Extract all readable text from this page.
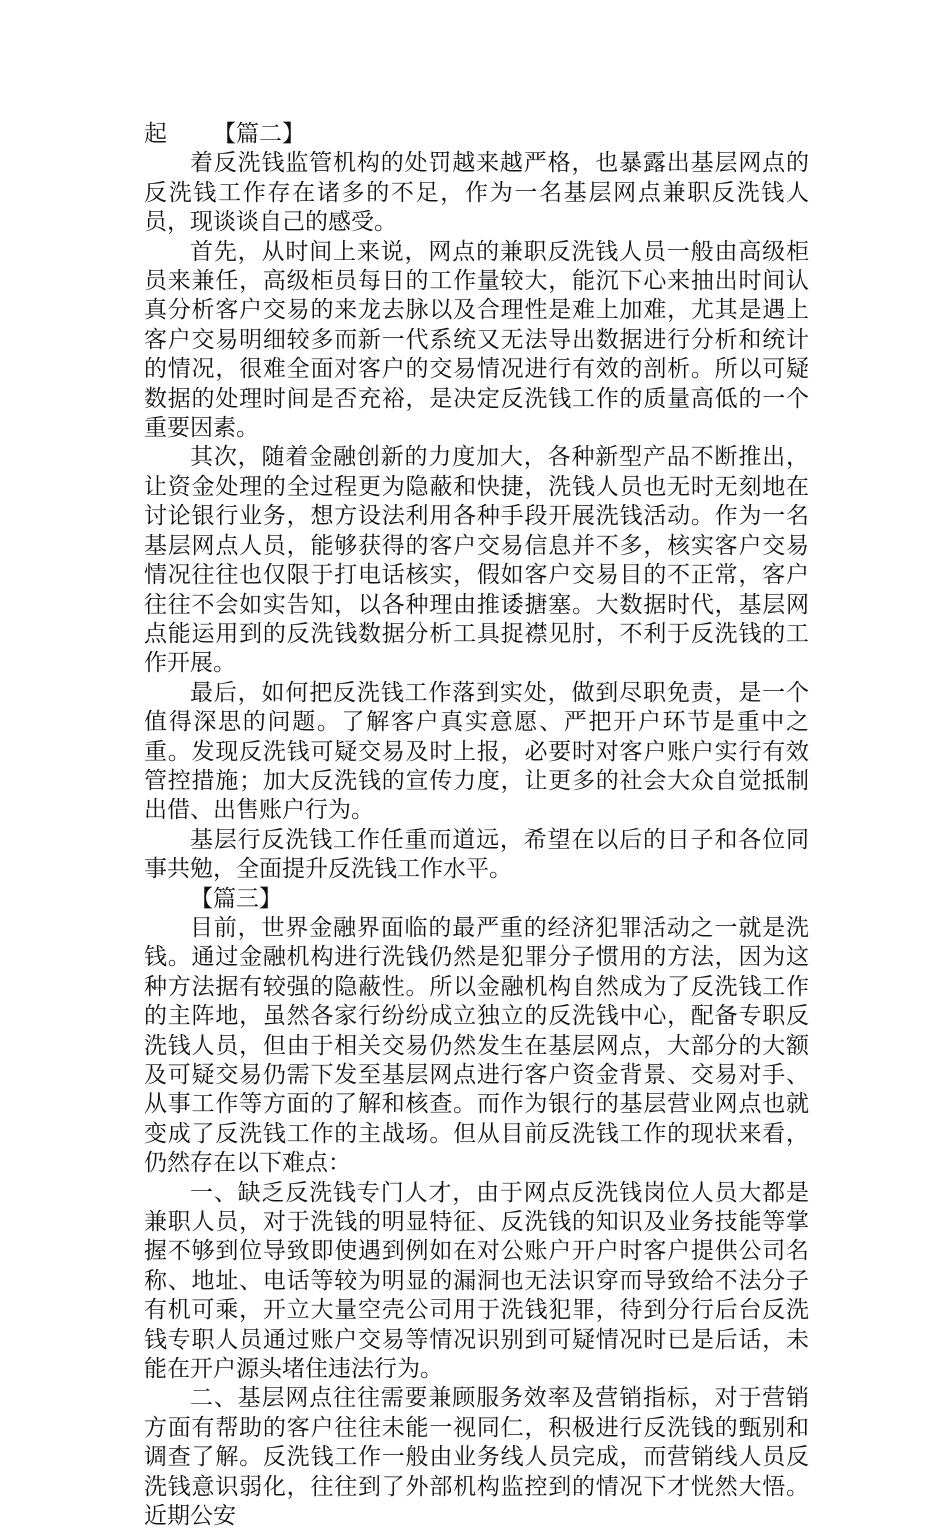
起 【篇二】

着反洗钱监管机构的处罚越来越严格，也暴露出基层网点的反洗钱工作存在诸多的不足，作为一名基层网点兼职反洗钱人员，现谈谈自己的感受。

首先，从时间上来说，网点的兼职反洗钱人员一般由高级柜员来兼任，高级柜员每日的工作量较大，能沉下心来抽出时间认真分析客户交易的来龙去脉以及合理性是难上加难，尤其是遇上客户交易明细较多而新一代系统又无法导出数据进行分析和统计的情况，很难全面对客户的交易情况进行有效的剖析。所以可疑数据的处理时间是否充裕，是决定反洗钱工作的质量高低的一个重要因素。

其次，随着金融创新的力度加大，各种新型产品不断推出，让资金处理的全过程更为隐蔽和快捷，洗钱人员也无时无刻地在讨论银行业务，想方设法利用各种手段开展洗钱活动。作为一名基层网点人员，能够获得的客户交易信息并不多，核实客户交易情况往往也仅限于打电话核实，假如客户交易目的不正常，客户往往不会如实告知，以各种理由推诿搪塞。大数据时代，基层网点能运用到的反洗钱数据分析工具捉襟见肘，不利于反洗钱的工作开展。

最后，如何把反洗钱工作落到实处，做到尽职免责，是一个值得深思的问题。了解客户真实意愿、严把开户环节是重中之重。发现反洗钱可疑交易及时上报，必要时对客户账户实行有效管控措施；加大反洗钱的宣传力度，让更多的社会大众自觉抵制出借、出售账户行为。

基层行反洗钱工作任重而道远，希望在以后的日子和各位同事共勉，全面提升反洗钱工作水平。

【篇三】

目前，世界金融界面临的最严重的经济犯罪活动之一就是洗钱。通过金融机构进行洗钱仍然是犯罪分子惯用的方法，因为这种方法据有较强的隐蔽性。所以金融机构自然成为了反洗钱工作的主阵地，虽然各家行纷纷成立独立的反洗钱中心，配备专职反洗钱人员，但由于相关交易仍然发生在基层网点，大部分的大额及可疑交易仍需下发至基层网点进行客户资金背景、交易对手、从事工作等方面的了解和核查。而作为银行的基层营业网点也就变成了反洗钱工作的主战场。但从目前反洗钱工作的现状来看，仍然存在以下难点：

一、缺乏反洗钱专门人才，由于网点反洗钱岗位人员大都是兼职人员，对于洗钱的明显特征、反洗钱的知识及业务技能等掌握不够到位导致即使遇到例如在对公账户开户时客户提供公司名称、地址、电话等较为明显的漏洞也无法识穿而导致给不法分子有机可乘，开立大量空壳公司用于洗钱犯罪，待到分行后台反洗钱专职人员通过账户交易等情况识别到可疑情况时已是后话，未能在开户源头堵住违法行为。

二、基层网点往往需要兼顾服务效率及营销指标，对于营销方面有帮助的客户往往未能一视同仁，积极进行反洗钱的甄别和调查了解。反洗钱工作一般由业务线人员完成，而营销线人员反洗钱意识弱化，往往到了外部机构监控到的情况下才恍然大悟。近期公安
